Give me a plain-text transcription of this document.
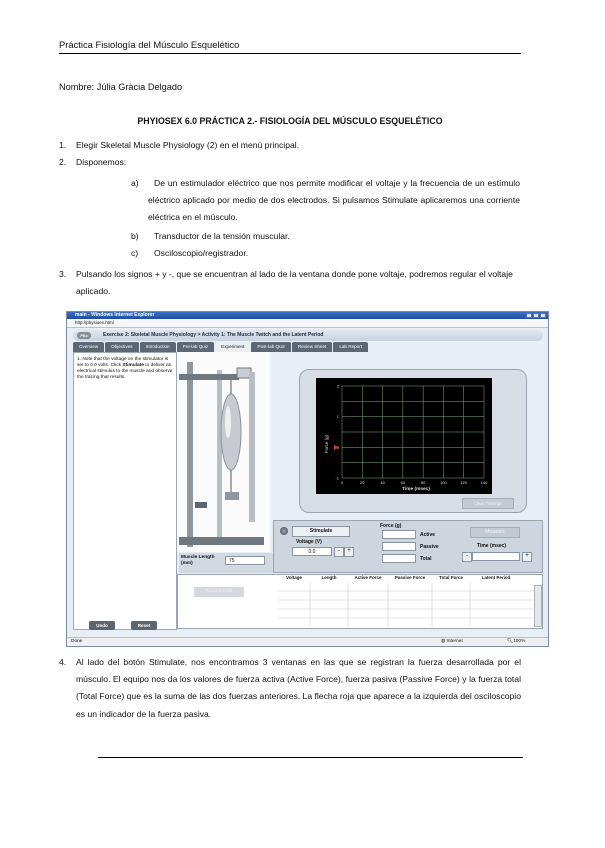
Práctica Fisiología del Músculo Esquelético
Nombre: Júlia Gràcia Delgado
PHYIOSEX 6.0 PRÁCTICA 2.- FISIOLOGÍA DEL MÚSCULO ESQUELÉTICO
1. Elegir Skeletal Muscle Physiology (2) en el menú principal.
2. Disponemos:
a)	De un estimulador eléctrico que nos permite modificar el voltaje y la frecuencia de un estímulo eléctrico aplicado por medio de dos electrodos. Si pulsamos Stimulate aplicaremos una corriente eléctrica en el músculo.
b) Transductor de la tensión muscular.
c) Osciloscopio/registrador.
3. Pulsando los signos + y -, que se encuentran al lado de la ventana donde pone voltaje, podremos regular el voltaje aplicado.
main - Windows Internet Explorer
http://physioex.html
PEx	Exercise 2: Skeletal Muscle Physiology > Activity 1: The Muscle Twitch and the Latent Period
Overview	Objectives	Introduction	Pre-lab Quiz	Experiment	Post-lab Quiz	Review Sheet	Lab Report

1. Note that the voltage on the stimulator is set to 0.0 volts. Click Stimulate to deliver an electrical stimulus to the muscle and observe the tracing that results.

Undo	Reset
Muscle Length (mm)	75
0	20	40	60	80	100	120	140
2
1
-1
Force (g)
Time (msec)
Clear Tracings
Stimulate
Voltage (V)
0.0	-	+
Force (g)
Active
Passive
Total
Measure
Time (msec)
-	+
Record Data
Voltage	Length	Active Force	Passive Force	Total Force	Latent Period
Done	◍ Internet	🔍︎100%
4. Al lado del botón Stimulate, nos encontramos 3 ventanas en las que se registran la fuerza desarrollada por el músculo. El equipo nos da los valores de fuerza activa (Active Force), fuerza pasiva (Passive Force) y la fuerza total (Total Force) que es la suma de las dos fuerzas anteriores. La flecha roja que aparece a la izquierda del osciloscopio es un indicador de la fuerza pasiva.
